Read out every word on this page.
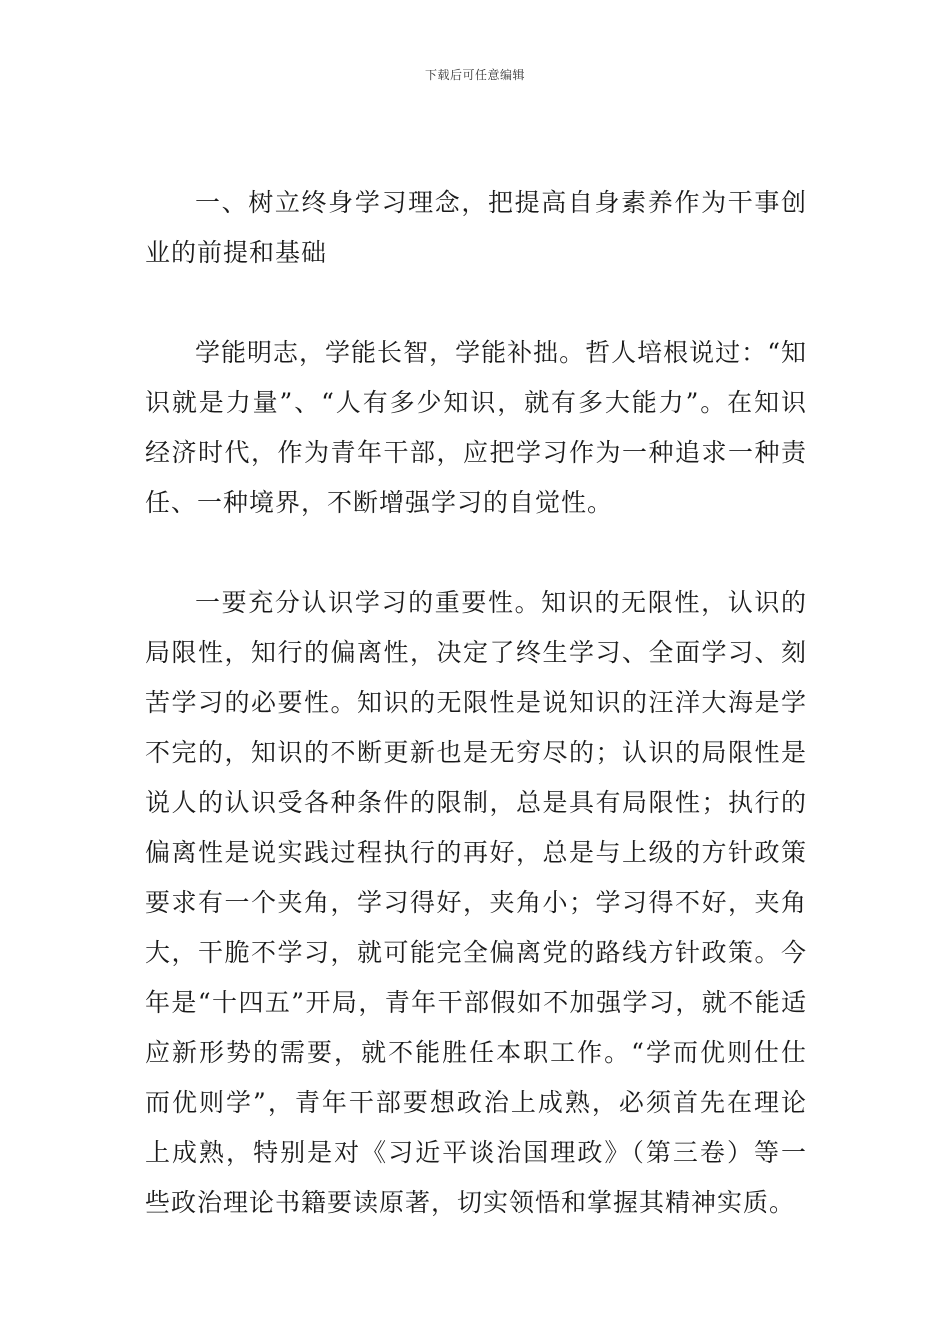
下载后可任意编辑

一、树立终身学习理念，把提高自身素养作为干事创业的前提和基础

学能明志，学能长智，学能补拙。哲人培根说过：“知识就是力量”、“人有多少知识，就有多大能力”。在知识经济时代，作为青年干部，应把学习作为一种追求一种责任、一种境界，不断增强学习的自觉性。

一要充分认识学习的重要性。知识的无限性，认识的局限性，知行的偏离性，决定了终生学习、全面学习、刻苦学习的必要性。知识的无限性是说知识的汪洋大海是学不完的，知识的不断更新也是无穷尽的；认识的局限性是说人的认识受各种条件的限制，总是具有局限性；执行的偏离性是说实践过程执行的再好，总是与上级的方针政策要求有一个夹角，学习得好，夹角小；学习得不好，夹角大，干脆不学习，就可能完全偏离党的路线方针政策。今年是“十四五”开局，青年干部假如不加强学习，就不能适应新形势的需要，就不能胜任本职工作。“学而优则仕仕而优则学”，青年干部要想政治上成熟，必须首先在理论上成熟，特别是对《习近平谈治国理政》（第三卷）等一些政治理论书籍要读原著，切实领悟和掌握其精神实质。
